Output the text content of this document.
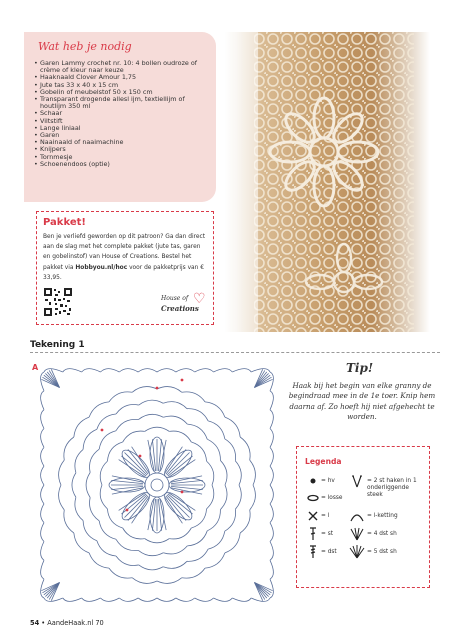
Wat heb je nodig
• Garen Lammy crochet nr. 10: 4 bollen oudroze of crème of kleur naar keuze
• Haaknaald Clover Amour 1,75
• Jute tas 33 x 40 x 15 cm
• Gobelin of meubelstof 50 x 150 cm
• Transparant drogende allesl ijm, textiellijm of houtlijm 350 ml
• Schaar
• Viltstift
• Lange liniaal
• Garen
• Naainaald of naaimachine
• Knijpers
• Tornmesje
• Schoenendoos (optie)
Pakket!
Ben je verliefd geworden op dit patroon? Ga dan direct aan de slag met het complete pakket (jute tas, garen en gobelinstof) van House of Creations. Bestel het pakket via Hobbyou.nl/hoc voor de pakketprijs van € 33,95.
♡
House of
Creations
Tekening 1
A	Tip!
Haak bij het begin van elke granny de begindraad mee in de 1e toer. Knip hem daarna af. Zo hoeft hij niet afgehecht te worden.
Legenda
= hv
= losse
= l
= st
= dst
= 2 st haken in 1 onderliggende steek
= l-ketting
= 4 dst sh
= 5 dst sh
54 • AandeHaak.nl 70
